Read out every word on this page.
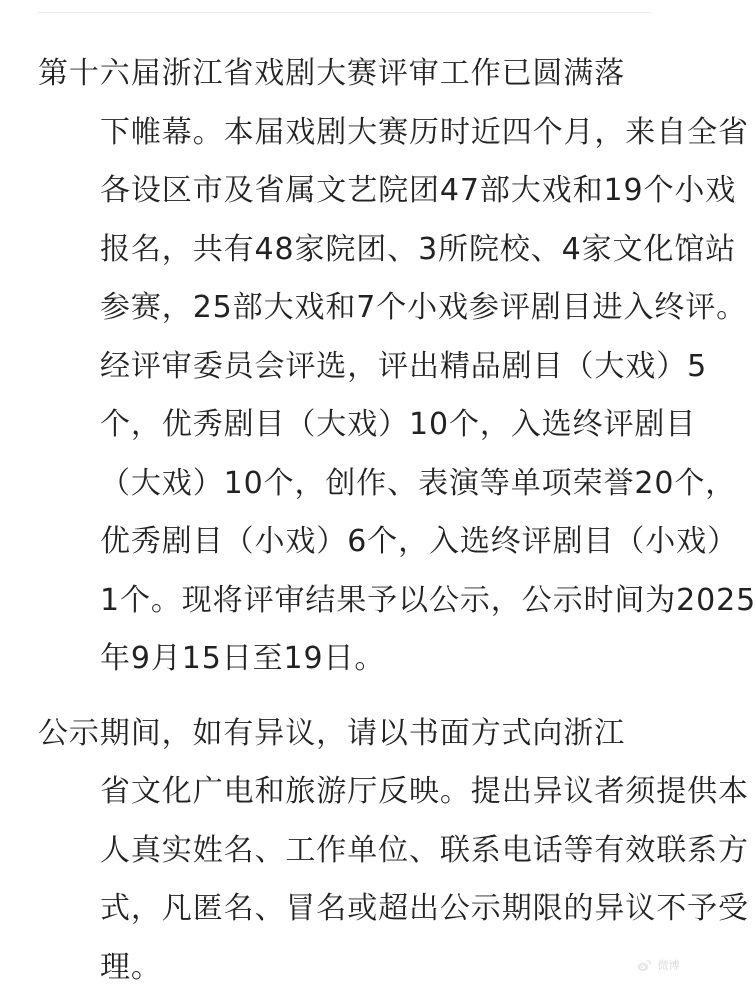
第十六届浙江省戏剧大赛评审工作已圆满落
下帷幕。本届戏剧大赛历时近四个月，来自全省
各设区市及省属文艺院团47部大戏和19个小戏
报名，共有48家院团、3所院校、4家文化馆站
参赛，25部大戏和7个小戏参评剧目进入终评。
经评审委员会评选，评出精品剧目（大戏）5
个，优秀剧目（大戏）10个，入选终评剧目
（大戏）10个，创作、表演等单项荣誉20个，
优秀剧目（小戏）6个，入选终评剧目（小戏）
1个。现将评审结果予以公示，公示时间为2025
年9月15日至19日。

公示期间，如有异议，请以书面方式向浙江
省文化广电和旅游厅反映。提出异议者须提供本
人真实姓名、工作单位、联系电话等有效联系方
式，凡匿名、冒名或超出公示期限的异议不予受
理。	微博
